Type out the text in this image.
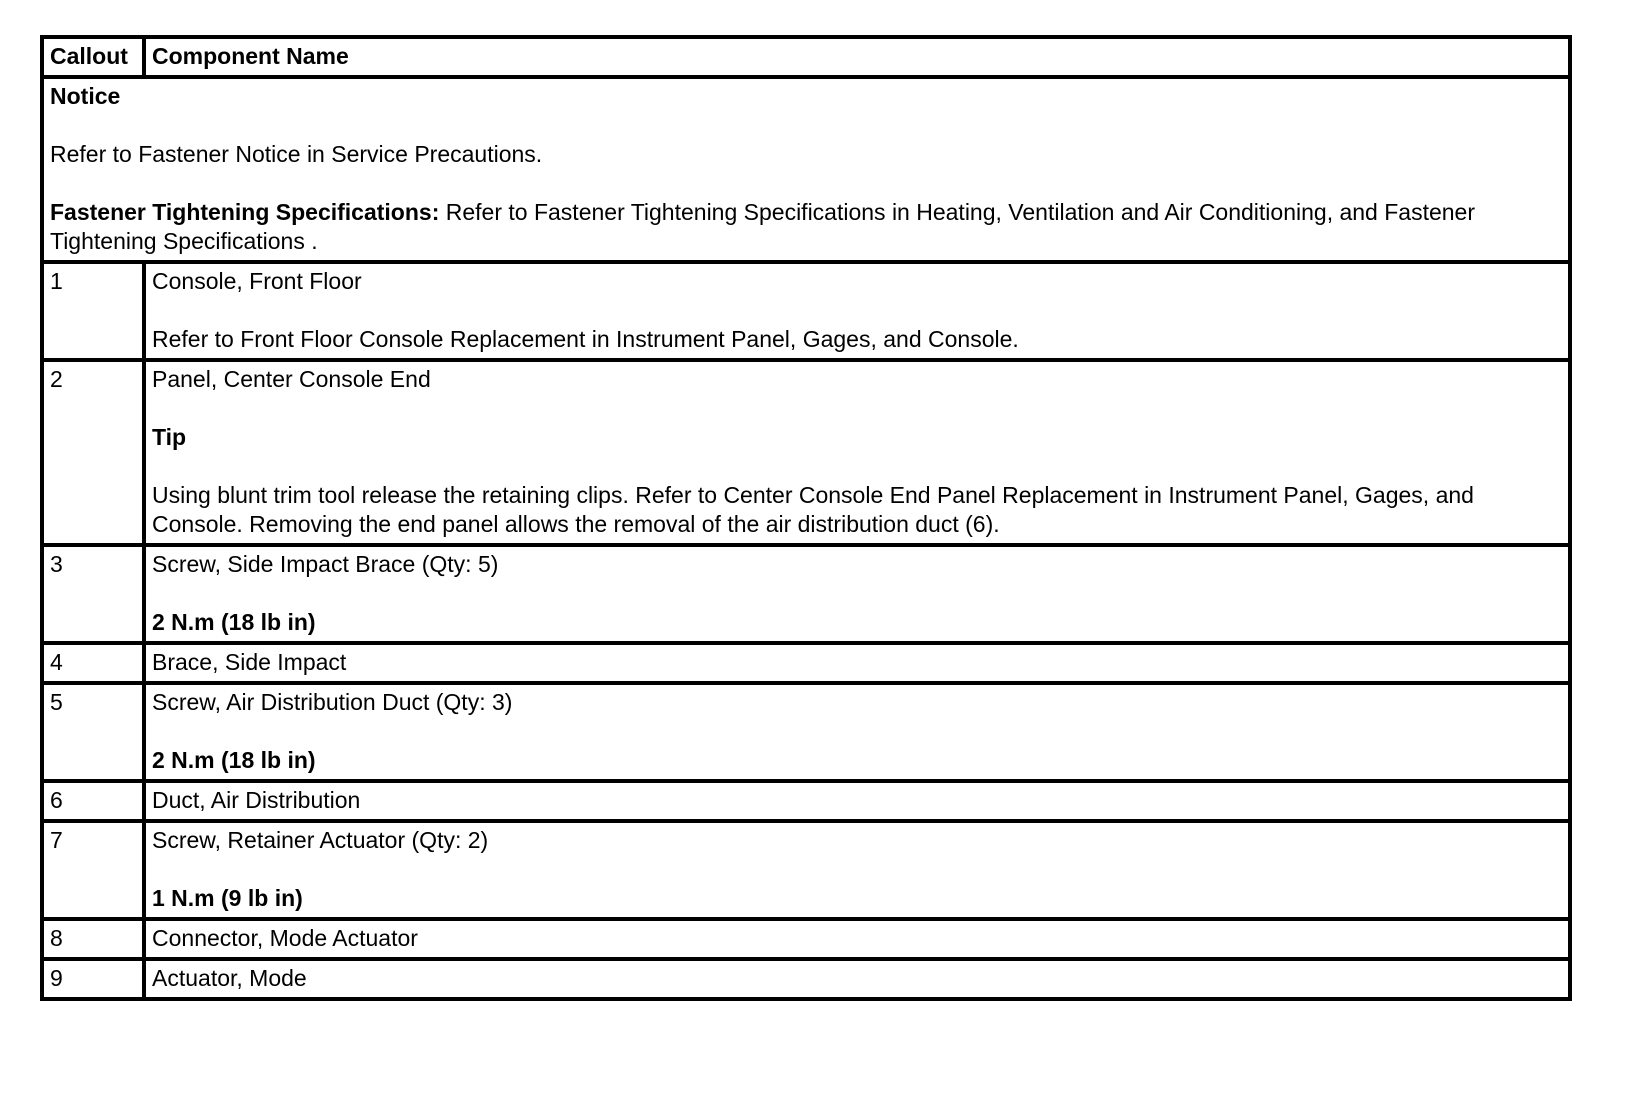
Callout	Component Name

Notice
Refer to Fastener Notice in Service Precautions.
Fastener Tightening Specifications: Refer to Fastener Tightening Specifications in Heating, Ventilation and Air Conditioning, and Fastener Tightening Specifications .	

1	Console, Front Floor
Refer to Front Floor Console Replacement in Instrument Panel, Gages, and Console.

2	Panel, Center Console End
Tip
Using blunt trim tool release the retaining clips. Refer to Center Console End Panel Replacement in Instrument Panel, Gages, and Console. Removing the end panel allows the removal of the air distribution duct (6).

3	Screw, Side Impact Brace (Qty: 5)
2 N.m (18 lb in)

4	Brace, Side Impact

5	Screw, Air Distribution Duct (Qty: 3)
2 N.m (18 lb in)

6	Duct, Air Distribution

7	Screw, Retainer Actuator (Qty: 2)
1 N.m (9 lb in)

8	Connector, Mode Actuator

9	Actuator, Mode
